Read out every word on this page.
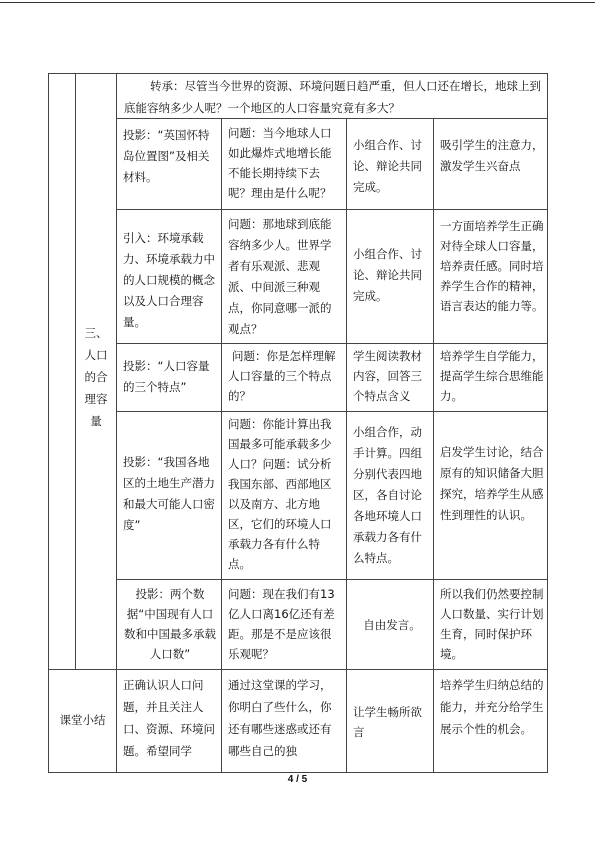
三、人口的合理容量
转承：尽管当今世界的资源、环境问题日趋严重，但人口还在增长，地球上到底能容纳多少人呢？一个地区的人口容量究竟有多大？
投影：“英国怀特岛位置图”及相关材料。
问题：当今地球人口如此爆炸式地增长能不能长期持续下去呢？理由是什么呢？
小组合作、讨论、辩论共同完成。
吸引学生的注意力，激发学生兴奋点
引入：环境承载力、环境承载力中的人口规模的概念以及人口合理容量。
问题：那地球到底能容纳多少人。世界学者有乐观派、悲观派、中间派三种观点，你同意哪一派的观点？
小组合作、讨论、辩论共同完成。
一方面培养学生正确对待全球人口容量，培养责任感。同时培养学生合作的精神，语言表达的能力等。
投影：“人口容量的三个特点”
问题：你是怎样理解人口容量的三个特点的？
学生阅读教材内容，回答三个特点含义
培养学生自学能力，提高学生综合思维能力。
投影：“我国各地区的土地生产潜力和最大可能人口密度”
问题：你能计算出我国最多可能承载多少人口？问题：试分析我国东部、西部地区以及南方、北方地区，它们的环境人口承载力各有什么特点。
小组合作，动手计算。四组分别代表四地区，各自讨论各地环境人口承载力各有什么特点。
启发学生讨论，结合原有的知识储备大胆探究，培养学生从感性到理性的认识。
投影：两个数据“中国现有人口数和中国最多承载人口数”
问题：现在我们有13亿人口离16亿还有差距。那是不是应该很乐观呢？
自由发言。
所以我们仍然要控制人口数量、实行计划生育，同时保护环境。
课堂小结
正确认识人口问题，并且关注人口、资源、环境问题。希望同学
通过这堂课的学习，你明白了些什么，你还有哪些迷惑或还有哪些自己的独
让学生畅所欲言
培养学生归纳总结的能力，并充分给学生展示个性的机会。
4 / 5
